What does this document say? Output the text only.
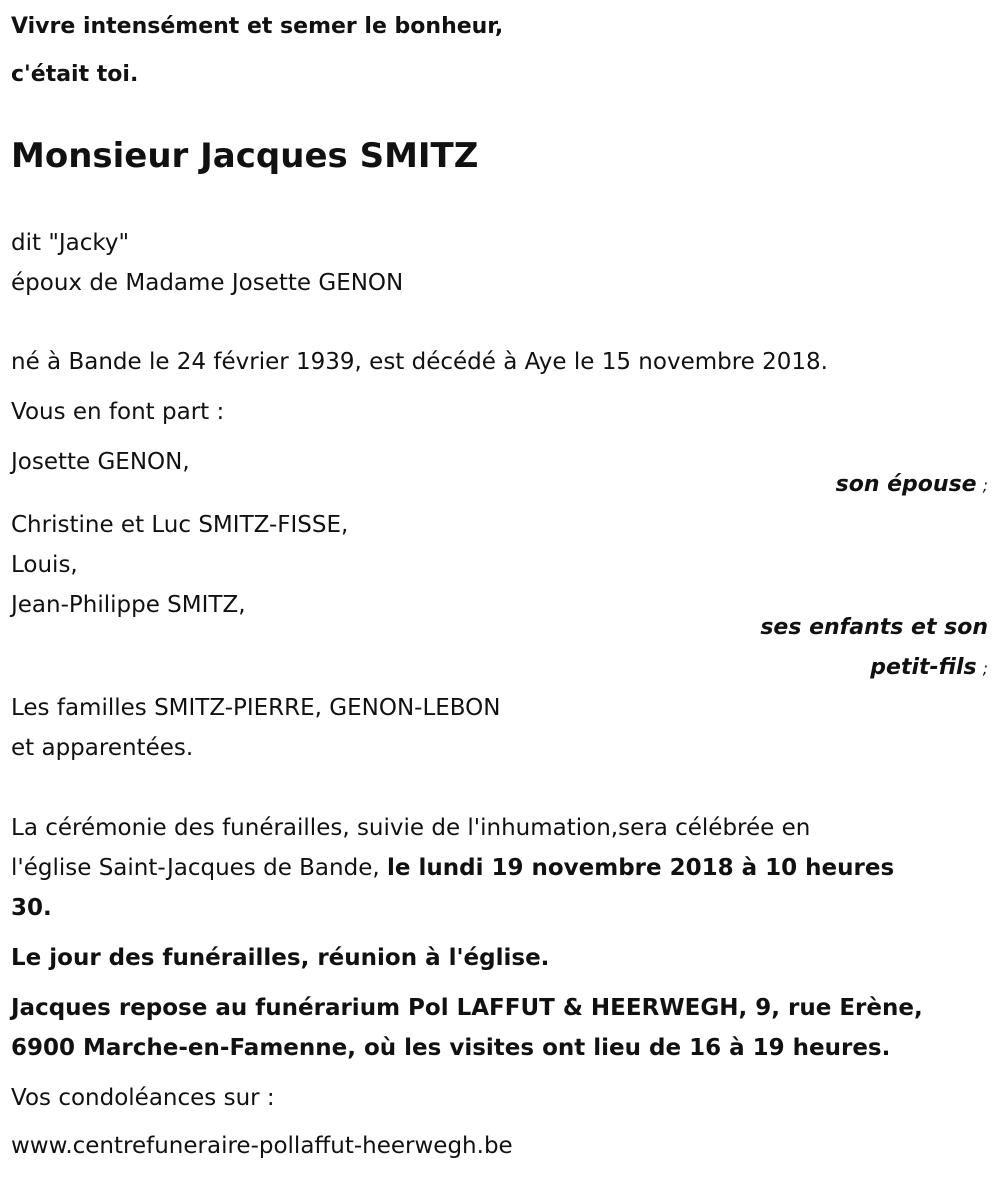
Vivre intensément et semer le bonheur,
c'était toi.
Monsieur Jacques SMITZ
dit "Jacky"
époux de Madame Josette GENON
né à Bande le 24 février 1939, est décédé à Aye le 15 novembre 2018.
Vous en font part :
Josette GENON,
son épouse ;
Christine et Luc SMITZ-FISSE,
Louis,
Jean-Philippe SMITZ,
ses enfants et son
petit-fils ;
Les familles SMITZ-PIERRE, GENON-LEBON
et apparentées.
La cérémonie des funérailles, suivie de l'inhumation,sera célébrée en
l'église Saint-Jacques de Bande, le lundi 19 novembre 2018 à 10 heures
30.
Le jour des funérailles, réunion à l'église.
Jacques repose au funérarium Pol LAFFUT & HEERWEGH, 9, rue Erène,
6900 Marche-en-Famenne, où les visites ont lieu de 16 à 19 heures.
Vos condoléances sur :
www.centrefuneraire-pollaffut-heerwegh.be
